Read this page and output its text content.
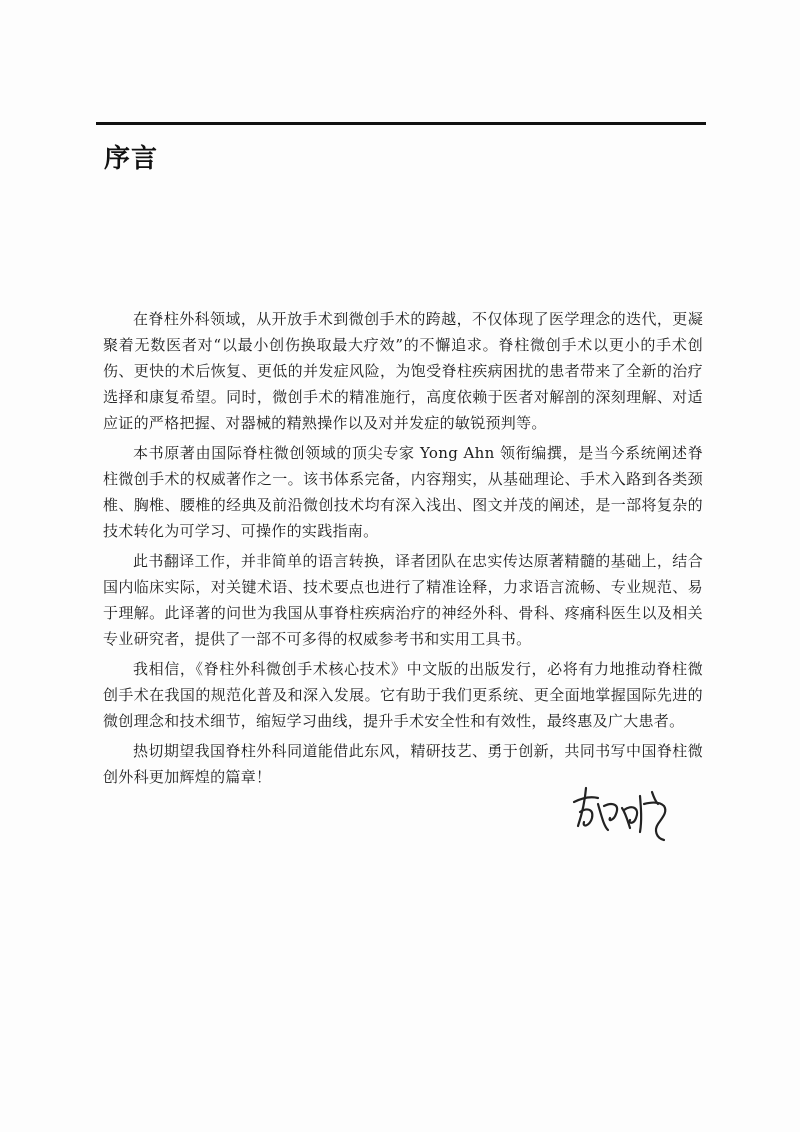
序言

在脊柱外科领域，从开放手术到微创手术的跨越，不仅体现了医学理念的迭代，更凝聚着无数医者对“以最小创伤换取最大疗效”的不懈追求。脊柱微创手术以更小的手术创伤、更快的术后恢复、更低的并发症风险，为饱受脊柱疾病困扰的患者带来了全新的治疗选择和康复希望。同时，微创手术的精准施行，高度依赖于医者对解剖的深刻理解、对适应证的严格把握、对器械的精熟操作以及对并发症的敏锐预判等。

本书原著由国际脊柱微创领域的顶尖专家 Yong Ahn 领衔编撰，是当今系统阐述脊柱微创手术的权威著作之一。该书体系完备，内容翔实，从基础理论、手术入路到各类颈椎、胸椎、腰椎的经典及前沿微创技术均有深入浅出、图文并茂的阐述，是一部将复杂的技术转化为可学习、可操作的实践指南。

此书翻译工作，并非简单的语言转换，译者团队在忠实传达原著精髓的基础上，结合国内临床实际，对关键术语、技术要点也进行了精准诠释，力求语言流畅、专业规范、易于理解。此译著的问世为我国从事脊柱疾病治疗的神经外科、骨科、疼痛科医生以及相关专业研究者，提供了一部不可多得的权威参考书和实用工具书。

我相信，《脊柱外科微创手术核心技术》中文版的出版发行，必将有力地推动脊柱微创手术在我国的规范化普及和深入发展。它有助于我们更系统、更全面地掌握国际先进的微创理念和技术细节，缩短学习曲线，提升手术安全性和有效性，最终惠及广大患者。

热切期望我国脊柱外科同道能借此东风，精研技艺、勇于创新，共同书写中国脊柱微创外科更加辉煌的篇章！
